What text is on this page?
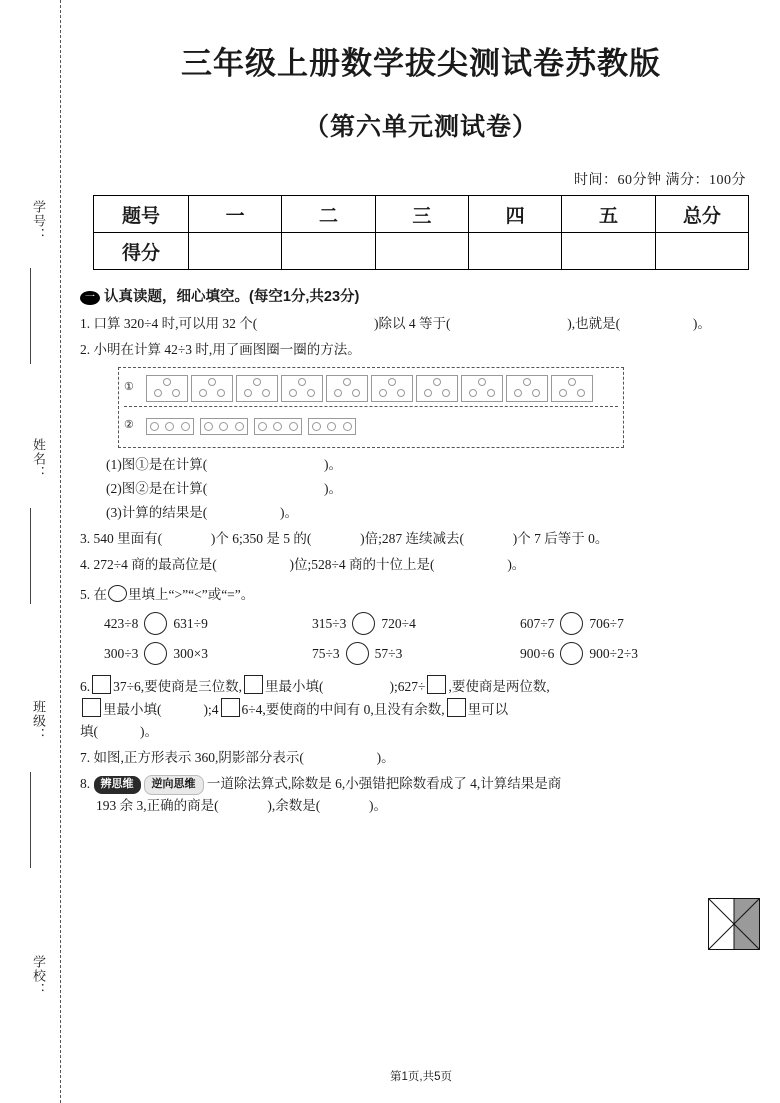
学号：
姓名：
班级：
学校：
三年级上册数学拔尖测试卷苏教版
（第六单元测试卷）
时间：60分钟 满分：100分
题号	一	二	三	四	五	总分
得分						
一 认真读题，细心填空。(每空1分,共23分)
1. 口算 320÷4 时,可以用 32 个(	)除以 4 等于(	),也就是(	)。
2. 小明在计算 42÷3 时,用了画图圈一圈的方法。
①
②
(1)图①是在计算(	)。
(2)图②是在计算(	)。
(3)计算的结果是(	)。
3. 540 里面有(	)个 6;350 是 5 的(	)倍;287 连续减去(	)个 7 后等于 0。
4. 272÷4 商的最高位是(	)位;528÷4 商的十位上是(	)。
5. 在 里填上“>”“<”或“=”。
423÷8	631÷9	315÷3	720÷4	607÷7	706÷7
300÷3	300×3	75÷3	57÷3	900÷6	900÷2÷3
6. 37÷6,要使商是三位数, 里最小填(	);627÷ ,要使商是两位数,
里最小填(	);4 6÷4,要使商的中间有 0,且没有余数, 里可以
填(	)。
7. 如图,正方形表示 360,阴影部分表示(	)。
8. 辨思维 逆向思维 一道除法算式,除数是 6,小强错把除数看成了 4,计算结果是商
193 余 3,正确的商是(	),余数是(	)。
第1页,共5页
